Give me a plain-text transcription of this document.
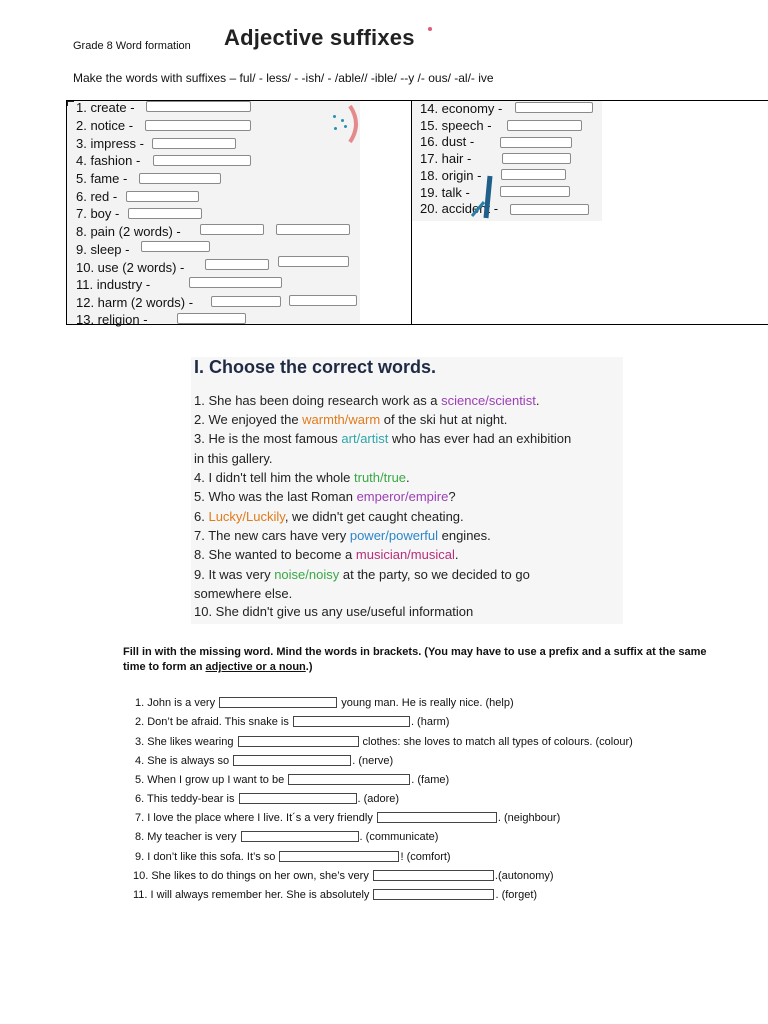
Grade 8 Word formation Adjective suffixes
Make the words with suffixes – ful/ - less/ - -ish/ - /able// -ible/ --y /- ous/ -al/- ive
1. create -
2. notice -
3. impress -
4. fashion -
5. fame -
6. red -
7. boy -
8. pain (2 words) -
9. sleep -
10. use (2 words) -
11. industry -
12. harm (2 words) -
13. religion -
14. economy -
15. speech -
16. dust -
17. hair -
18. origin -
19. talk -
20. accident -
I. Choose the correct words.
1. She has been doing research work as a science/scientist.
2. We enjoyed the warmth/warm of the ski hut at night.
3. He is the most famous art/artist who has ever had an exhibition
in this gallery.
4. I didn't tell him the whole truth/true.
5. Who was the last Roman emperor/empire?
6. Lucky/Luckily, we didn't get caught cheating.
7. The new cars have very power/powerful engines.
8. She wanted to become a musician/musical.
9. It was very noise/noisy at the party, so we decided to go
somewhere else.
10. She didn't give us any use/useful information
Fill in with the missing word. Mind the words in brackets. (You may have to use a prefix and a suffix at the same
time to form an adjective or a noun.)
1. John is a very	young man. He is really nice. (help)
2. Don’t be afraid. This snake is	. (harm)
3. She likes wearing	clothes: she loves to match all types of colours. (colour)
4. She is always so	. (nerve)
5. When I grow up I want to be	. (fame)
6. This teddy-bear is	. (adore)
7. I love the place where I live. It´s a very friendly	. (neighbour)
8. My teacher is very	. (communicate)
9. I don’t like this sofa. It’s so	! (comfort)
10. She likes to do things on her own, she’s very	.(autonomy)
11. I will always remember her. She is absolutely	. (forget)
